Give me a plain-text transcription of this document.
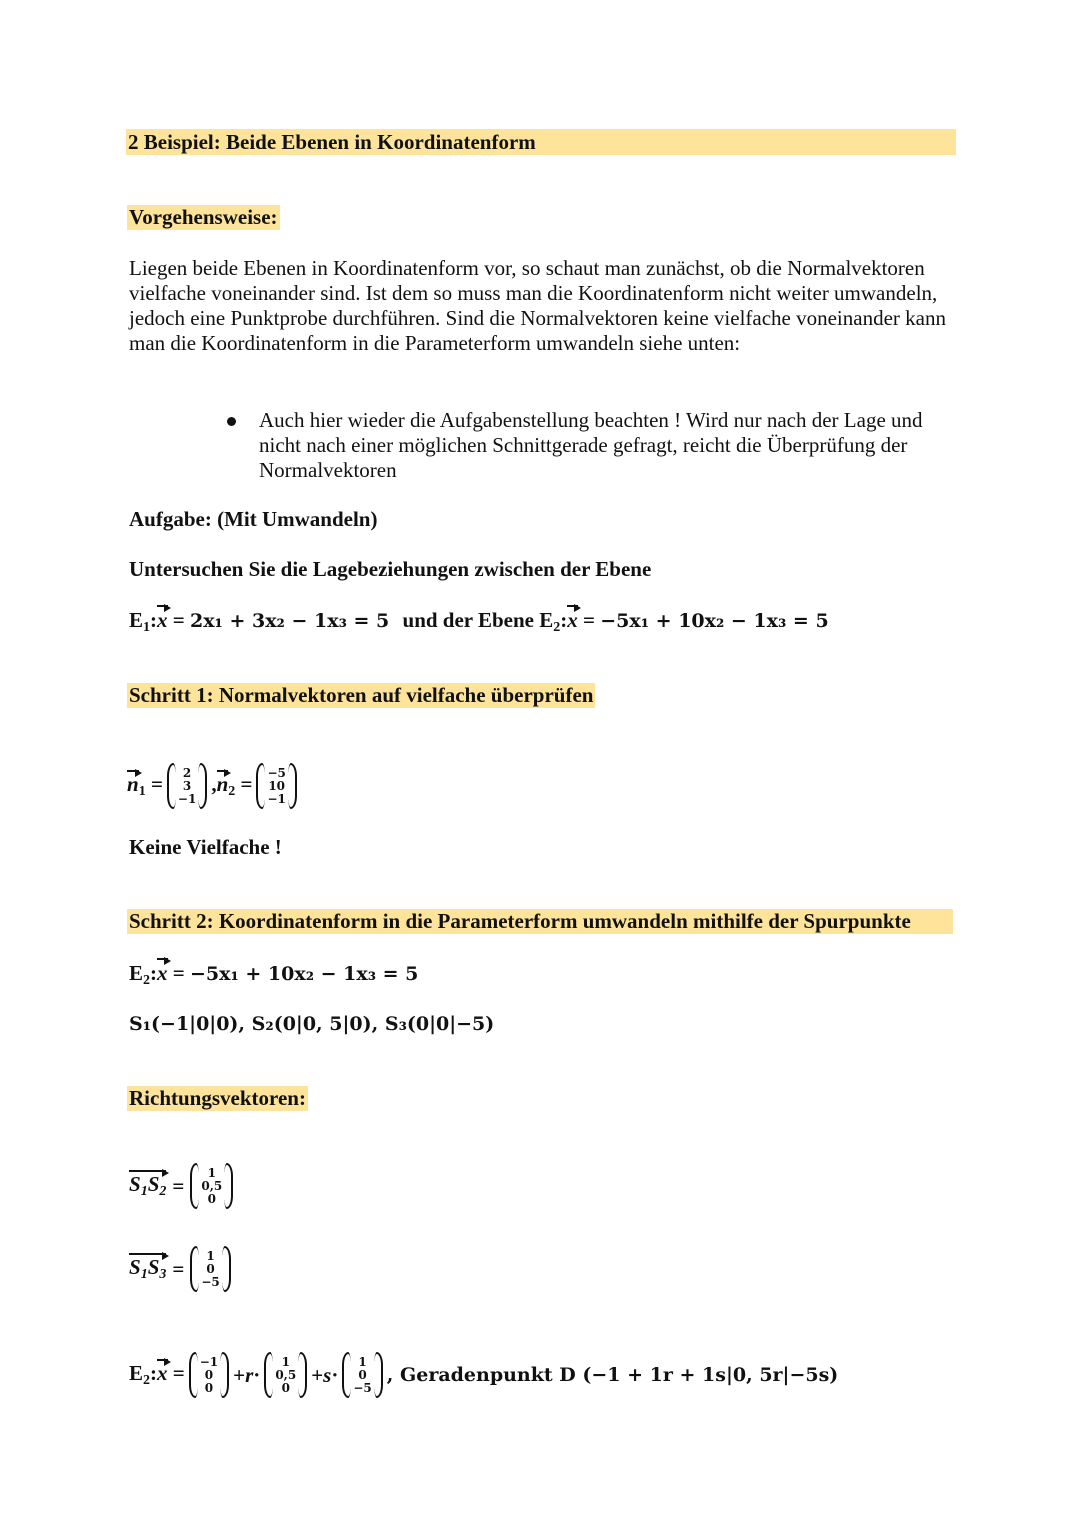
2 Beispiel: Beide Ebenen in Koordinatenform
Vorgehensweise:
Liegen beide Ebenen in Koordinatenform vor, so schaut man zunächst, ob die Normalvektoren vielfache voneinander sind. Ist dem so muss man die Koordinatenform nicht weiter umwandeln, jedoch eine Punktprobe durchführen. Sind die Normalvektoren keine vielfache voneinander kann man die Koordinatenform in die Parameterform umwandeln siehe unten:
Auch hier wieder die Aufgabenstellung beachten ! Wird nur nach der Lage und nicht nach einer möglichen Schnittgerade gefragt, reicht die Überprüfung der Normalvektoren
Aufgabe: (Mit Umwandeln)
Untersuchen Sie die Lagebeziehungen zwischen der Ebene
$E_1:x = 2x_1 + 3x_2 - 1x_3 = 5$ und der Ebene $E_2:x = -5x_1 + 10x_2 - 1x_3 = 5$
Schritt 1: Normalvektoren auf vielfache überprüfen
$n_1 = 2$
3
−1
$,n_2 = -5$
10
−1
Keine Vielfache !
Schritt 2: Koordinatenform in die Parameterform umwandeln mithilfe der Spurpunkte
$E_2:x = -5x_1 + 10x_2 - 1x_3 = 5$
S₁(−1|0|0), S₂(0|0, 5|0), S₃(0|0|−5)
Richtungsvektoren:
$S_1S_2$ =
1
0,5
0
$S_1S_3$ =
1
0
−5
$E_2:x = -1$
0
0
+r·
1
0,5
0
+s·
1
0
−5
, Geradenpunkt D (−1 + 1r + 1s|0, 5r|−5s)
